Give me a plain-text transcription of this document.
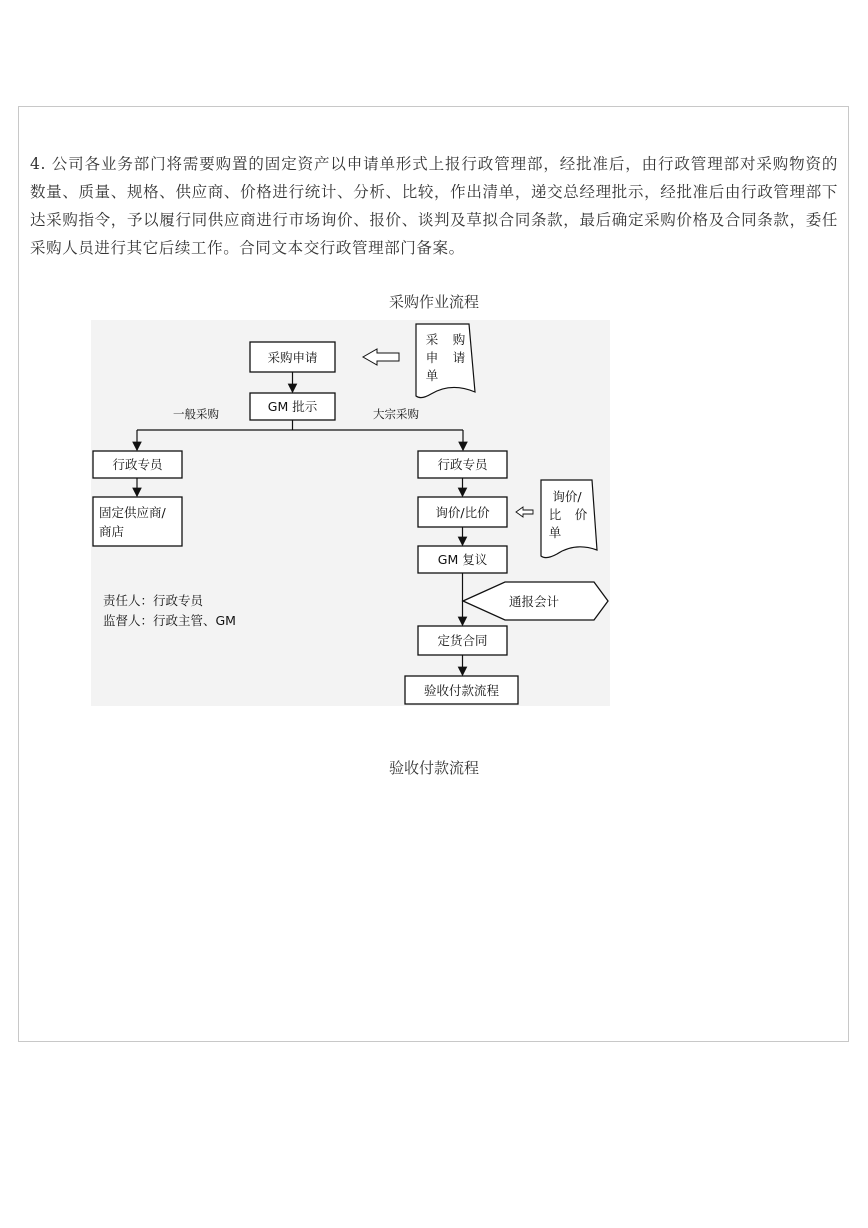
4. 公司各业务部门将需要购置的固定资产以申请单形式上报行政管理部，经批准后，由行政管理部对采购物资的数量、质量、规格、供应商、价格进行统计、分析、比较，作出清单，递交总经理批示，经批准后由行政管理部下达采购指令，予以履行同供应商进行市场询价、报价、谈判及草拟合同条款，最后确定采购价格及合同条款，委任采购人员进行其它后续工作。合同文本交行政管理部门备案。
采购作业流程
采购申请
采 购
申 请
单
GM 批示
一般采购	大宗采购
行政专员
固定供应商/
商店
行政专员
询价/比价
询价/
比 价
单
GM 复议
通报会计
定货合同
验收付款流程
责任人：行政专员
监督人：行政主管、GM
验收付款流程
